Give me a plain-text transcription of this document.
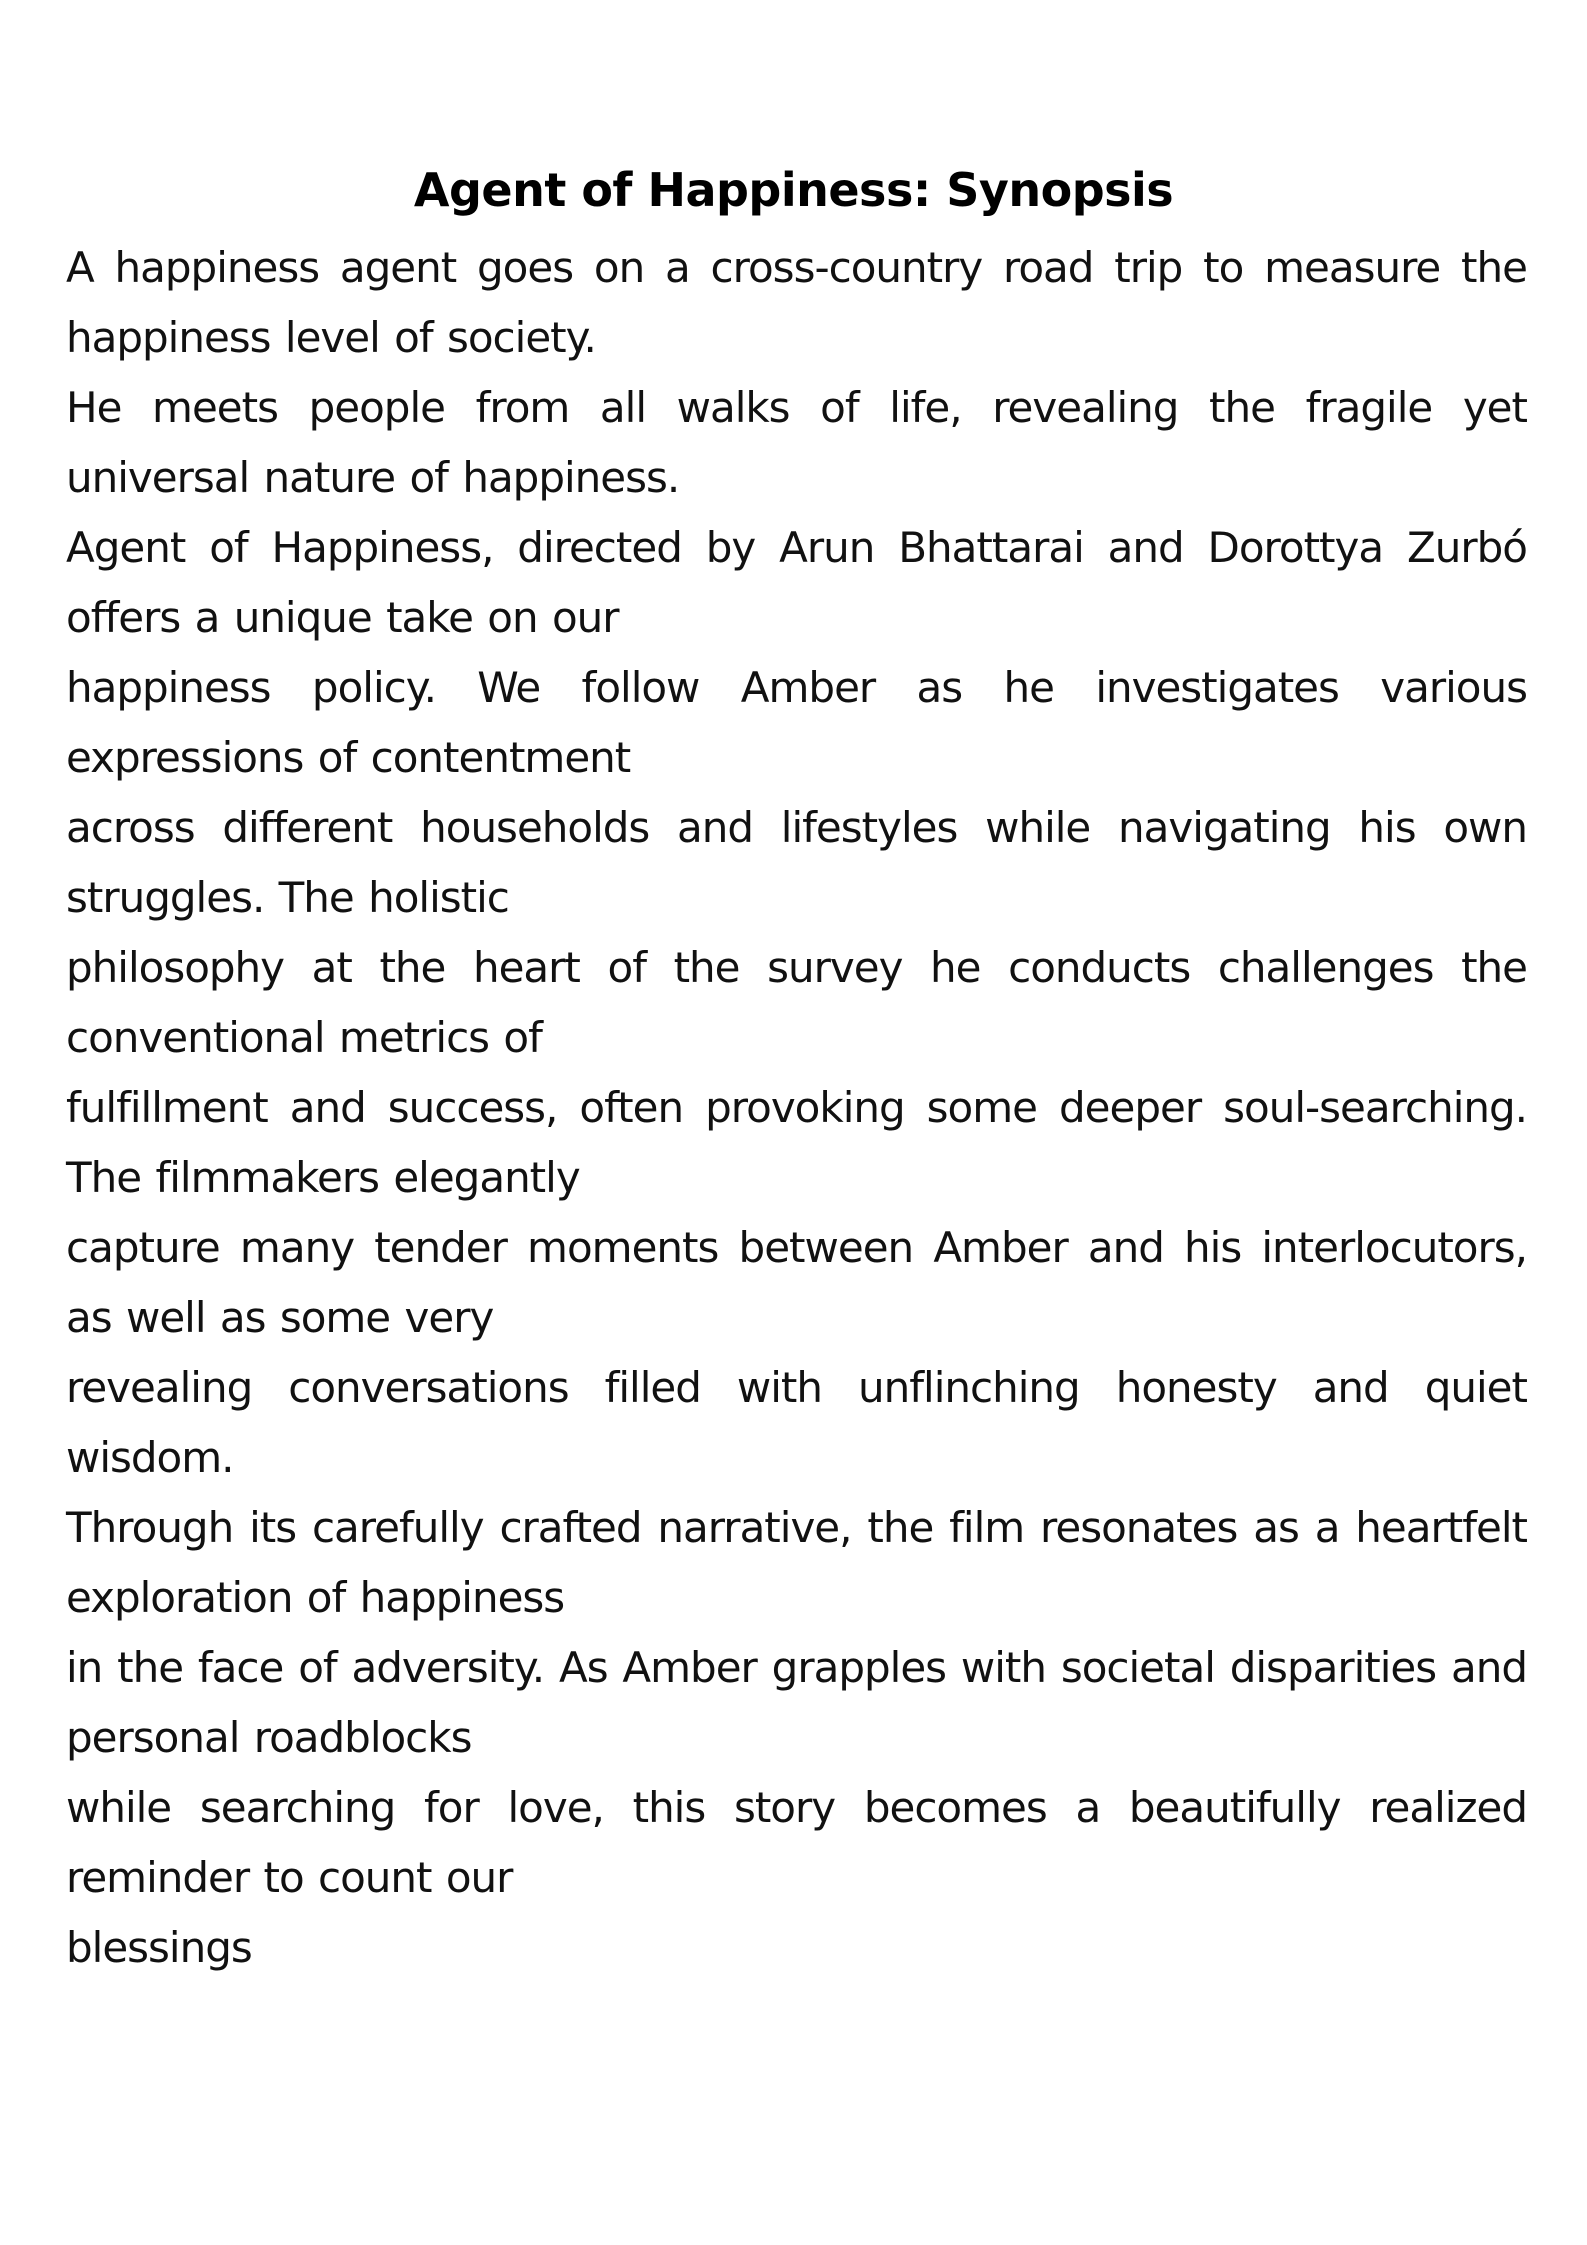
Agent of Happiness: Synopsis

A happiness agent goes on a cross-country road trip to measure the happiness level of society.

He meets people from all walks of life, revealing the fragile yet universal nature of happiness.

Agent of Happiness, directed by Arun Bhattarai and Dorottya Zurbó offers a unique take on our

happiness policy. We follow Amber as he investigates various expressions of contentment

across different households and lifestyles while navigating his own struggles. The holistic

philosophy at the heart of the survey he conducts challenges the conventional metrics of

fulfillment and success, often provoking some deeper soul-searching. The filmmakers elegantly

capture many tender moments between Amber and his interlocutors, as well as some very

revealing conversations filled with unflinching honesty and quiet wisdom.

Through its carefully crafted narrative, the film resonates as a heartfelt exploration of happiness

in the face of adversity. As Amber grapples with societal disparities and personal roadblocks

while searching for love, this story becomes a beautifully realized reminder to count our

blessings
